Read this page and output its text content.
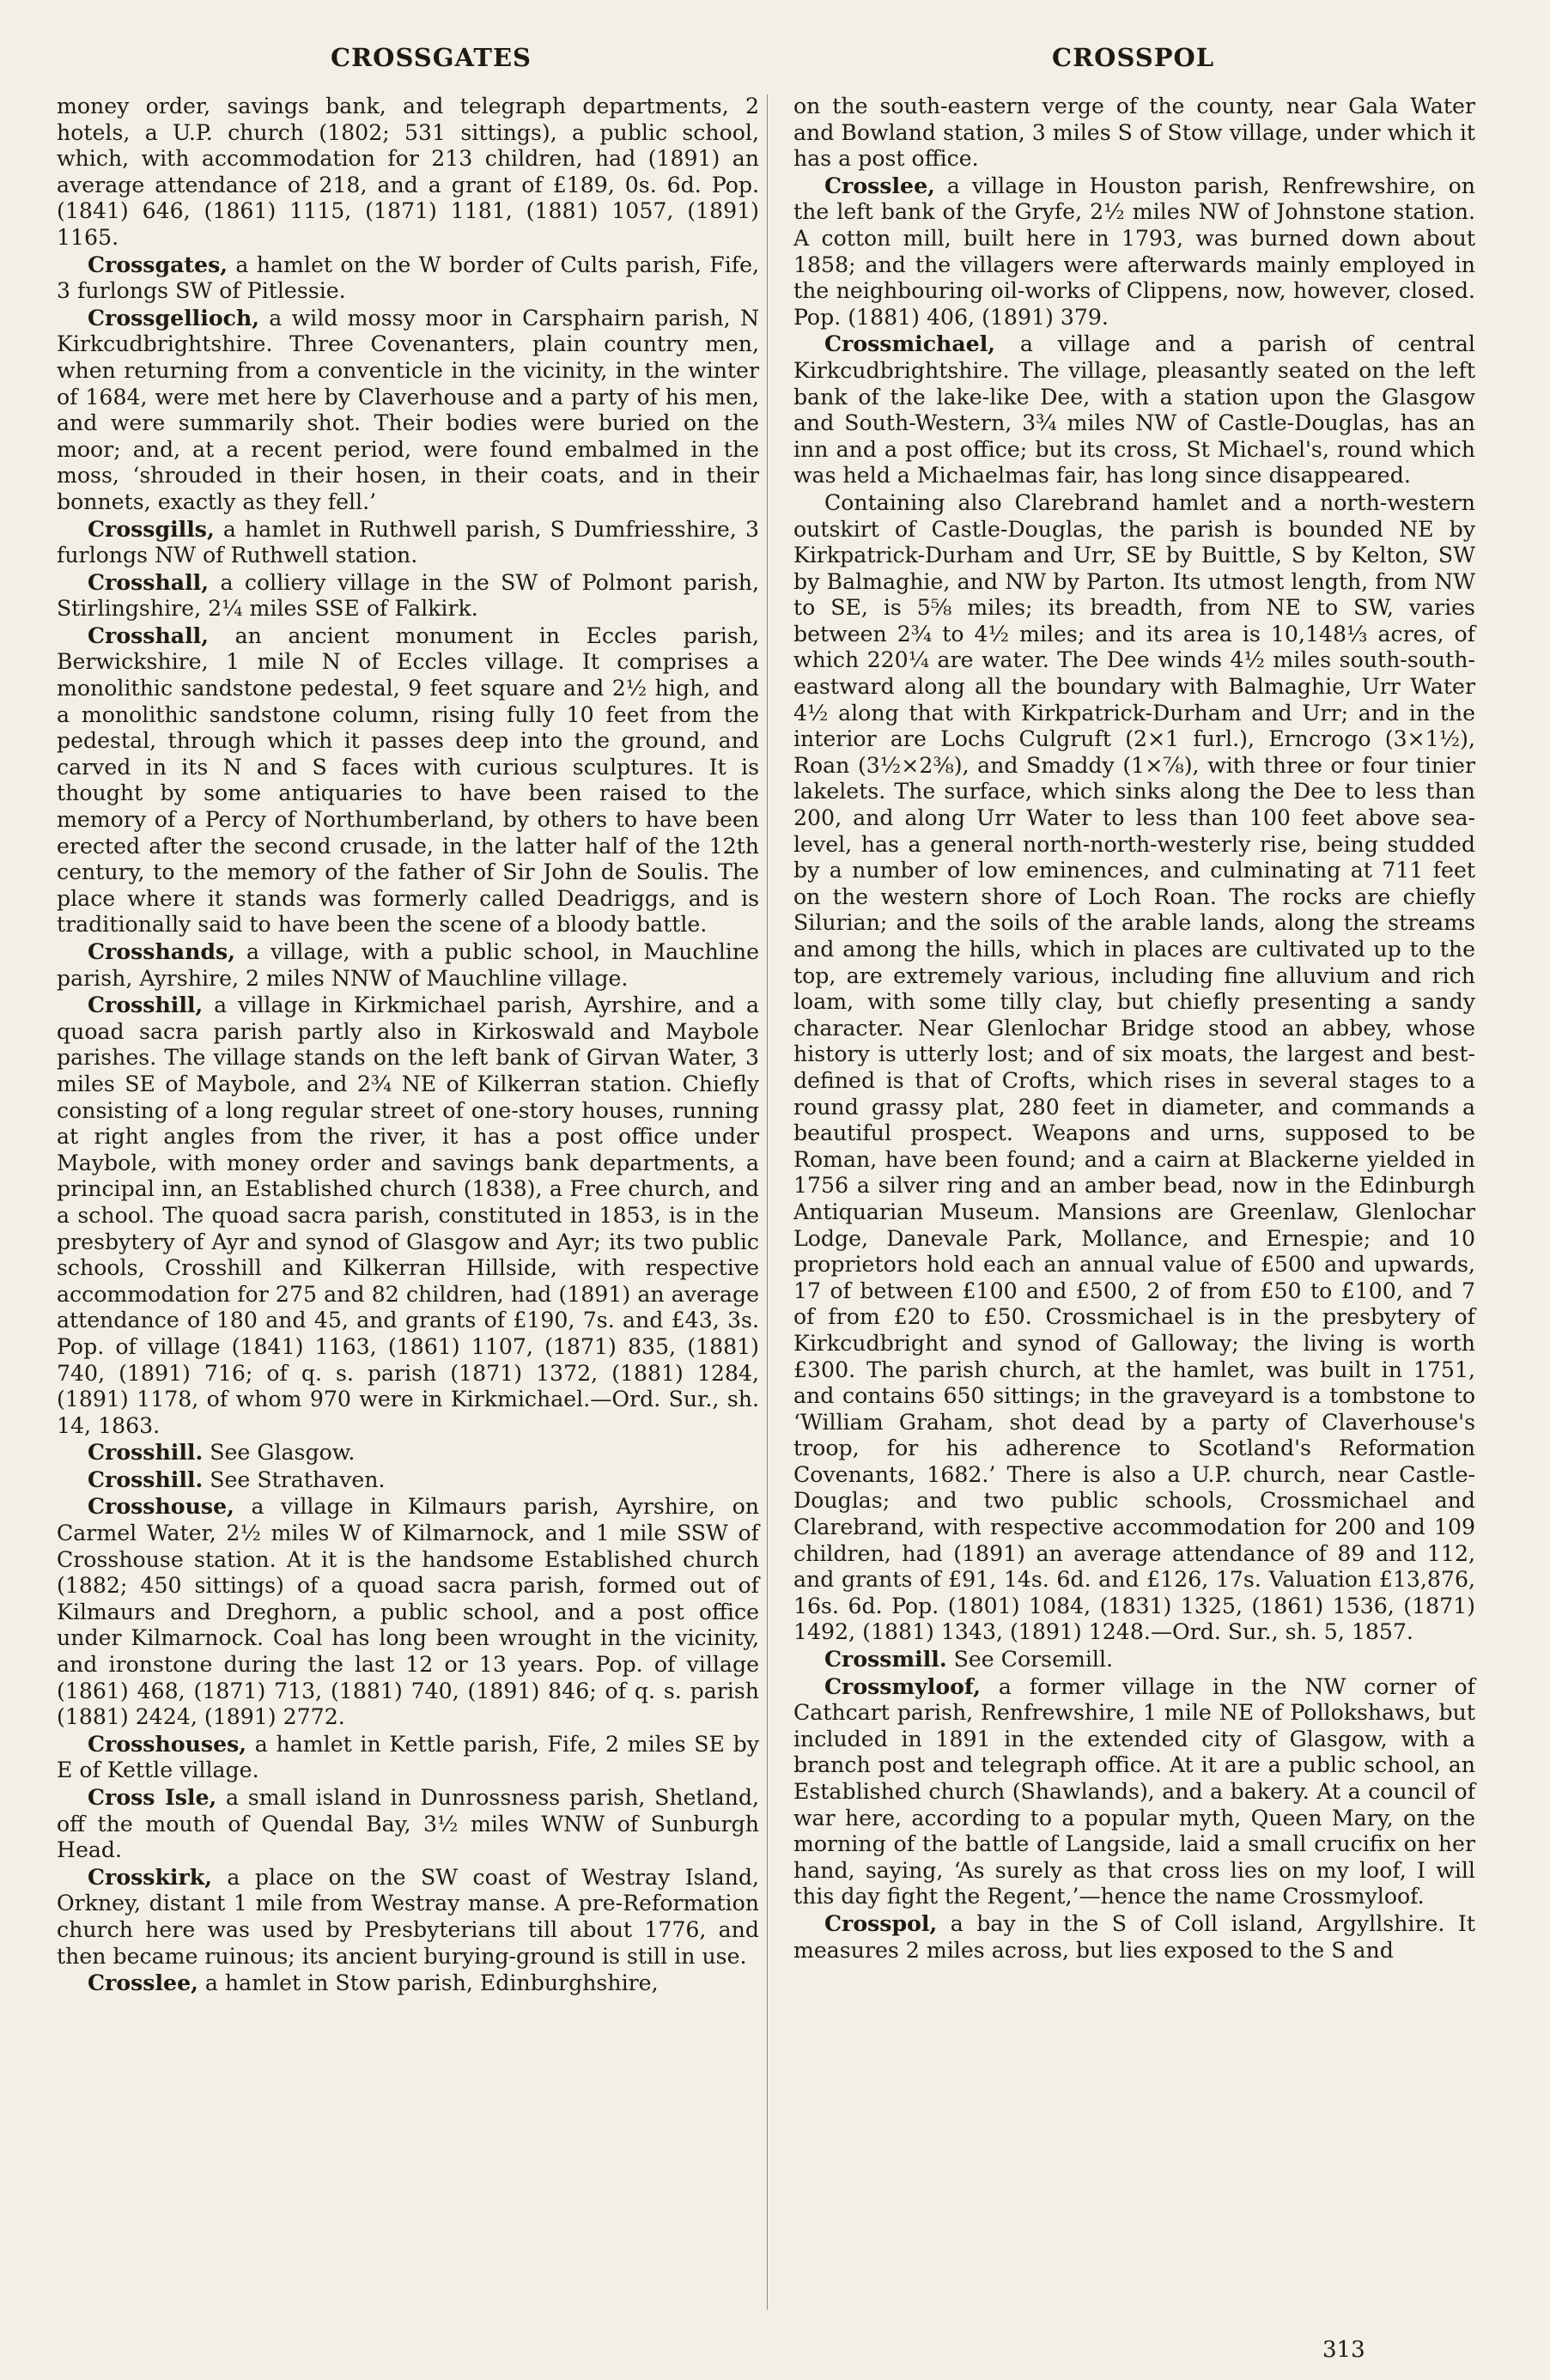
CROSSGATES	CROSSPOL

money order, savings bank, and telegraph departments, 2 hotels, a U.P. church (1802; 531 sittings), a public school, which, with accommodation for 213 children, had (1891) an average attendance of 218, and a grant of £189, 0s. 6d. Pop. (1841) 646, (1861) 1115, (1871) 1181, (1881) 1057, (1891) 1165.

Crossgates, a hamlet on the W border of Cults parish, Fife, 3 furlongs SW of Pitlessie.

Crossgellioch, a wild mossy moor in Carsphairn parish, N Kirkcudbrightshire. Three Covenanters, plain country men, when returning from a conventicle in the vicinity, in the winter of 1684, were met here by Claverhouse and a party of his men, and were summarily shot. Their bodies were buried on the moor; and, at a recent period, were found embalmed in the moss, ‘shrouded in their hosen, in their coats, and in their bonnets, exactly as they fell.’

Crossgills, a hamlet in Ruthwell parish, S Dumfriesshire, 3 furlongs NW of Ruthwell station.

Crosshall, a colliery village in the SW of Polmont parish, Stirlingshire, 2¼ miles SSE of Falkirk.

Crosshall, an ancient monument in Eccles parish, Berwickshire, 1 mile N of Eccles village. It comprises a monolithic sandstone pedestal, 9 feet square and 2½ high, and a monolithic sandstone column, rising fully 10 feet from the pedestal, through which it passes deep into the ground, and carved in its N and S faces with curious sculptures. It is thought by some antiquaries to have been raised to the memory of a Percy of Northumberland, by others to have been erected after the second crusade, in the latter half of the 12th century, to the memory of the father of Sir John de Soulis. The place where it stands was formerly called Deadriggs, and is traditionally said to have been the scene of a bloody battle.

Crosshands, a village, with a public school, in Mauchline parish, Ayrshire, 2 miles NNW of Mauchline village.

Crosshill, a village in Kirkmichael parish, Ayrshire, and a quoad sacra parish partly also in Kirkoswald and Maybole parishes. The village stands on the left bank of Girvan Water, 3 miles SE of Maybole, and 2¾ NE of Kilkerran station. Chiefly consisting of a long regular street of one-story houses, running at right angles from the river, it has a post office under Maybole, with money order and savings bank departments, a principal inn, an Established church (1838), a Free church, and a school. The quoad sacra parish, constituted in 1853, is in the presbytery of Ayr and synod of Glasgow and Ayr; its two public schools, Crosshill and Kilkerran Hillside, with respective accommodation for 275 and 82 children, had (1891) an average attendance of 180 and 45, and grants of £190, 7s. and £43, 3s. Pop. of village (1841) 1163, (1861) 1107, (1871) 835, (1881) 740, (1891) 716; of q. s. parish (1871) 1372, (1881) 1284, (1891) 1178, of whom 970 were in Kirkmichael.—Ord. Sur., sh. 14, 1863.

Crosshill. See Glasgow.

Crosshill. See Strathaven.

Crosshouse, a village in Kilmaurs parish, Ayrshire, on Carmel Water, 2½ miles W of Kilmarnock, and 1 mile SSW of Crosshouse station. At it is the handsome Established church (1882; 450 sittings) of a quoad sacra parish, formed out of Kilmaurs and Dreghorn, a public school, and a post office under Kilmarnock. Coal has long been wrought in the vicinity, and ironstone during the last 12 or 13 years. Pop. of village (1861) 468, (1871) 713, (1881) 740, (1891) 846; of q. s. parish (1881) 2424, (1891) 2772.

Crosshouses, a hamlet in Kettle parish, Fife, 2 miles SE by E of Kettle village.

Cross Isle, a small island in Dunrossness parish, Shetland, off the mouth of Quendal Bay, 3½ miles WNW of Sunburgh Head.

Crosskirk, a place on the SW coast of Westray Island, Orkney, distant 1 mile from Westray manse. A pre-Reformation church here was used by Presbyterians till about 1776, and then became ruinous; its ancient burying-ground is still in use.

Crosslee, a hamlet in Stow parish, Edinburghshire,

on the south-eastern verge of the county, near Gala Water and Bowland station, 3 miles S of Stow village, under which it has a post office.

Crosslee, a village in Houston parish, Renfrewshire, on the left bank of the Gryfe, 2½ miles NW of Johnstone station. A cotton mill, built here in 1793, was burned down about 1858; and the villagers were afterwards mainly employed in the neighbouring oil-works of Clippens, now, however, closed. Pop. (1881) 406, (1891) 379.

Crossmichael, a village and a parish of central Kirkcudbrightshire. The village, pleasantly seated on the left bank of the lake-like Dee, with a station upon the Glasgow and South-Western, 3¾ miles NW of Castle-Douglas, has an inn and a post office; but its cross, St Michael's, round which was held a Michaelmas fair, has long since disappeared.

Containing also Clarebrand hamlet and a north-western outskirt of Castle-Douglas, the parish is bounded NE by Kirkpatrick-Durham and Urr, SE by Buittle, S by Kelton, SW by Balmaghie, and NW by Parton. Its utmost length, from NW to SE, is 5⅝ miles; its breadth, from NE to SW, varies between 2¾ to 4½ miles; and its area is 10,148⅓ acres, of which 220¼ are water. The Dee winds 4½ miles south-south-eastward along all the boundary with Balmaghie, Urr Water 4½ along that with Kirkpatrick-Durham and Urr; and in the interior are Lochs Culgruft (2×1 furl.), Erncrogo (3×1½), Roan (3½×2⅜), and Smaddy (1×⅞), with three or four tinier lakelets. The surface, which sinks along the Dee to less than 200, and along Urr Water to less than 100 feet above sea-level, has a general north-north-westerly rise, being studded by a number of low eminences, and culminating at 711 feet on the western shore of Loch Roan. The rocks are chiefly Silurian; and the soils of the arable lands, along the streams and among the hills, which in places are cultivated up to the top, are extremely various, including fine alluvium and rich loam, with some tilly clay, but chiefly presenting a sandy character. Near Glenlochar Bridge stood an abbey, whose history is utterly lost; and of six moats, the largest and best-defined is that of Crofts, which rises in several stages to a round grassy plat, 280 feet in diameter, and commands a beautiful prospect. Weapons and urns, supposed to be Roman, have been found; and a cairn at Blackerne yielded in 1756 a silver ring and an amber bead, now in the Edinburgh Antiquarian Museum. Mansions are Greenlaw, Glenlochar Lodge, Danevale Park, Mollance, and Ernespie; and 10 proprietors hold each an annual value of £500 and upwards, 17 of between £100 and £500, 2 of from £50 to £100, and 7 of from £20 to £50. Crossmichael is in the presbytery of Kirkcudbright and synod of Galloway; the living is worth £300. The parish church, at the hamlet, was built in 1751, and contains 650 sittings; in the graveyard is a tombstone to ‘William Graham, shot dead by a party of Claverhouse's troop, for his adherence to Scotland's Reformation Covenants, 1682.’ There is also a U.P. church, near Castle-Douglas; and two public schools, Crossmichael and Clarebrand, with respective accommodation for 200 and 109 children, had (1891) an average attendance of 89 and 112, and grants of £91, 14s. 6d. and £126, 17s. Valuation £13,876, 16s. 6d. Pop. (1801) 1084, (1831) 1325, (1861) 1536, (1871) 1492, (1881) 1343, (1891) 1248.—Ord. Sur., sh. 5, 1857.

Crossmill. See Corsemill.

Crossmyloof, a former village in the NW corner of Cathcart parish, Renfrewshire, 1 mile NE of Pollokshaws, but included in 1891 in the extended city of Glasgow, with a branch post and telegraph office. At it are a public school, an Established church (Shawlands), and a bakery. At a council of war here, according to a popular myth, Queen Mary, on the morning of the battle of Langside, laid a small crucifix on her hand, saying, ‘As surely as that cross lies on my loof, I will this day fight the Regent,’—hence the name Crossmyloof.

Crosspol, a bay in the S of Coll island, Argyllshire. It measures 2 miles across, but lies exposed to the S and

313
